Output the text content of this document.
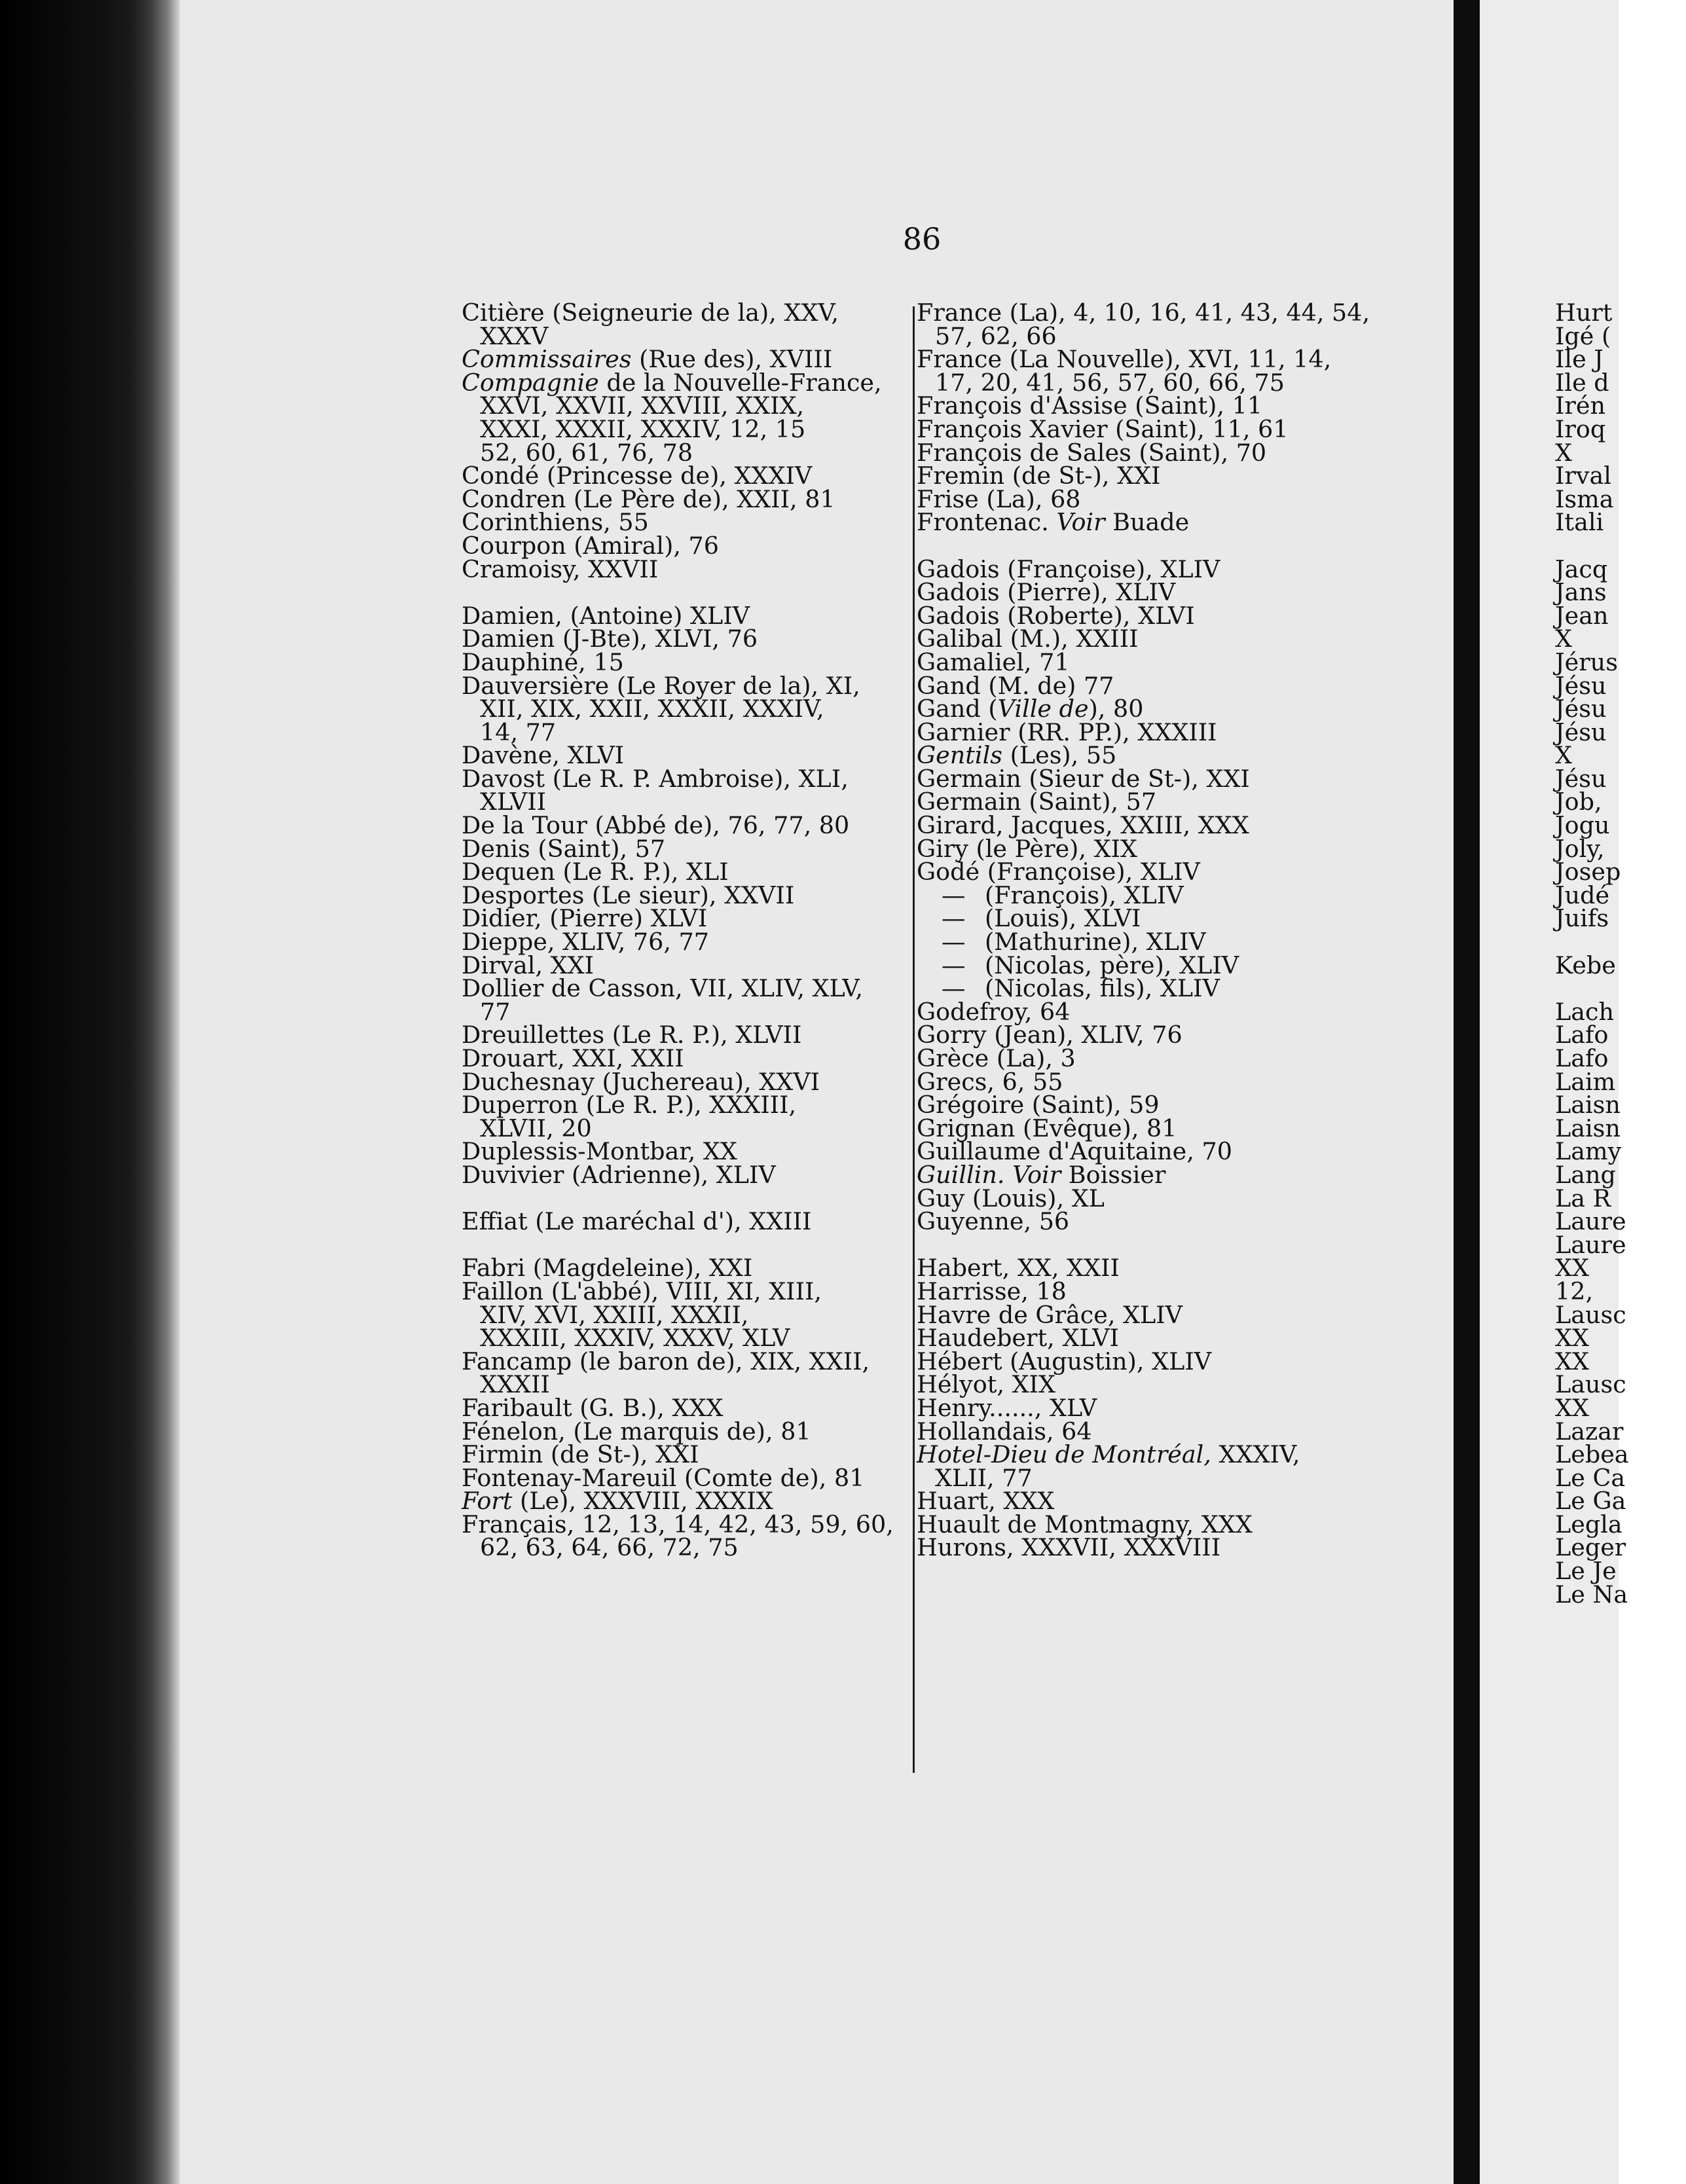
Hurt
Igé (
Ile J
Ile d
Irén
Iroq
X
Irval
Isma
Itali
Jacq
Jans
Jean
X
Jérus
Jésu
Jésu
Jésu
X
Jésu
Job,
Jogu
Joly,
Josep
Judé
Juifs
Kebe
Lach
Lafo
Lafo
Laim
Laisn
Laisn
Lamy
Lang
La R
Laure
Laure
XX
12,
Lausc
XX
XX
Lausc
XX
Lazar
Lebea
Le Ca
Le Ga
Legla
Leger
Le Je
Le Na
86
Citière (Seigneurie de la), XXV,
XXXV
Commissaires (Rue des), XVIII
Compagnie de la Nouvelle-France,
XXVI, XXVII, XXVIII, XXIX,
XXXI, XXXII, XXXIV, 12, 15
52, 60, 61, 76, 78
Condé (Princesse de), XXXIV
Condren (Le Père de), XXII, 81
Corinthiens, 55
Courpon (Amiral), 76
Cramoisy, XXVII
Damien, (Antoine) XLIV
Damien (J-Bte), XLVI, 76
Dauphiné, 15
Dauversière (Le Royer de la), XI,
XII, XIX, XXII, XXXII, XXXIV,
14, 77
Davène, XLVI
Davost (Le R. P. Ambroise), XLI,
XLVII
De la Tour (Abbé de), 76, 77, 80
Denis (Saint), 57
Dequen (Le R. P.), XLI
Desportes (Le sieur), XXVII
Didier, (Pierre) XLVI
Dieppe, XLIV, 76, 77
Dirval, XXI
Dollier de Casson, VII, XLIV, XLV,
77
Dreuillettes (Le R. P.), XLVII
Drouart, XXI, XXII
Duchesnay (Juchereau), XXVI
Duperron (Le R. P.), XXXIII,
XLVII, 20
Duplessis-Montbar, XX
Duvivier (Adrienne), XLIV
Effiat (Le maréchal d'), XXIII
Fabri (Magdeleine), XXI
Faillon (L'abbé), VIII, XI, XIII,
XIV, XVI, XXIII, XXXII,
XXXIII, XXXIV, XXXV, XLV
Fancamp (le baron de), XIX, XXII,
XXXII
Faribault (G. B.), XXX
Fénelon, (Le marquis de), 81
Firmin (de St-), XXI
Fontenay-Mareuil (Comte de), 81
Fort (Le), XXXVIII, XXXIX
Français, 12, 13, 14, 42, 43, 59, 60,
62, 63, 64, 66, 72, 75
France (La), 4, 10, 16, 41, 43, 44, 54,
57, 62, 66
France (La Nouvelle), XVI, 11, 14,
17, 20, 41, 56, 57, 60, 66, 75
François d'Assise (Saint), 11
François Xavier (Saint), 11, 61
François de Sales (Saint), 70
Fremin (de St-), XXI
Frise (La), 68
Frontenac. Voir Buade
Gadois (Françoise), XLIV
Gadois (Pierre), XLIV
Gadois (Roberte), XLVI
Galibal (M.), XXIII
Gamaliel, 71
Gand (M. de) 77
Gand (Ville de), 80
Garnier (RR. PP.), XXXIII
Gentils (Les), 55
Germain (Sieur de St-), XXI
Germain (Saint), 57
Girard, Jacques, XXIII, XXX
Giry (le Père), XIX
Godé (Françoise), XLIV
— (François), XLIV
— (Louis), XLVI
— (Mathurine), XLIV
— (Nicolas, père), XLIV
— (Nicolas, fils), XLIV
Godefroy, 64
Gorry (Jean), XLIV, 76
Grèce (La), 3
Grecs, 6, 55
Grégoire (Saint), 59
Grignan (Evêque), 81
Guillaume d'Aquitaine, 70
Guillin. Voir Boissier
Guy (Louis), XL
Guyenne, 56
Habert, XX, XXII
Harrisse, 18
Havre de Grâce, XLIV
Haudebert, XLVI
Hébert (Augustin), XLIV
Hélyot, XIX
Henry......, XLV
Hollandais, 64
Hotel-Dieu de Montréal, XXXIV,
XLII, 77
Huart, XXX
Huault de Montmagny, XXX
Hurons, XXXVII, XXXVIII
